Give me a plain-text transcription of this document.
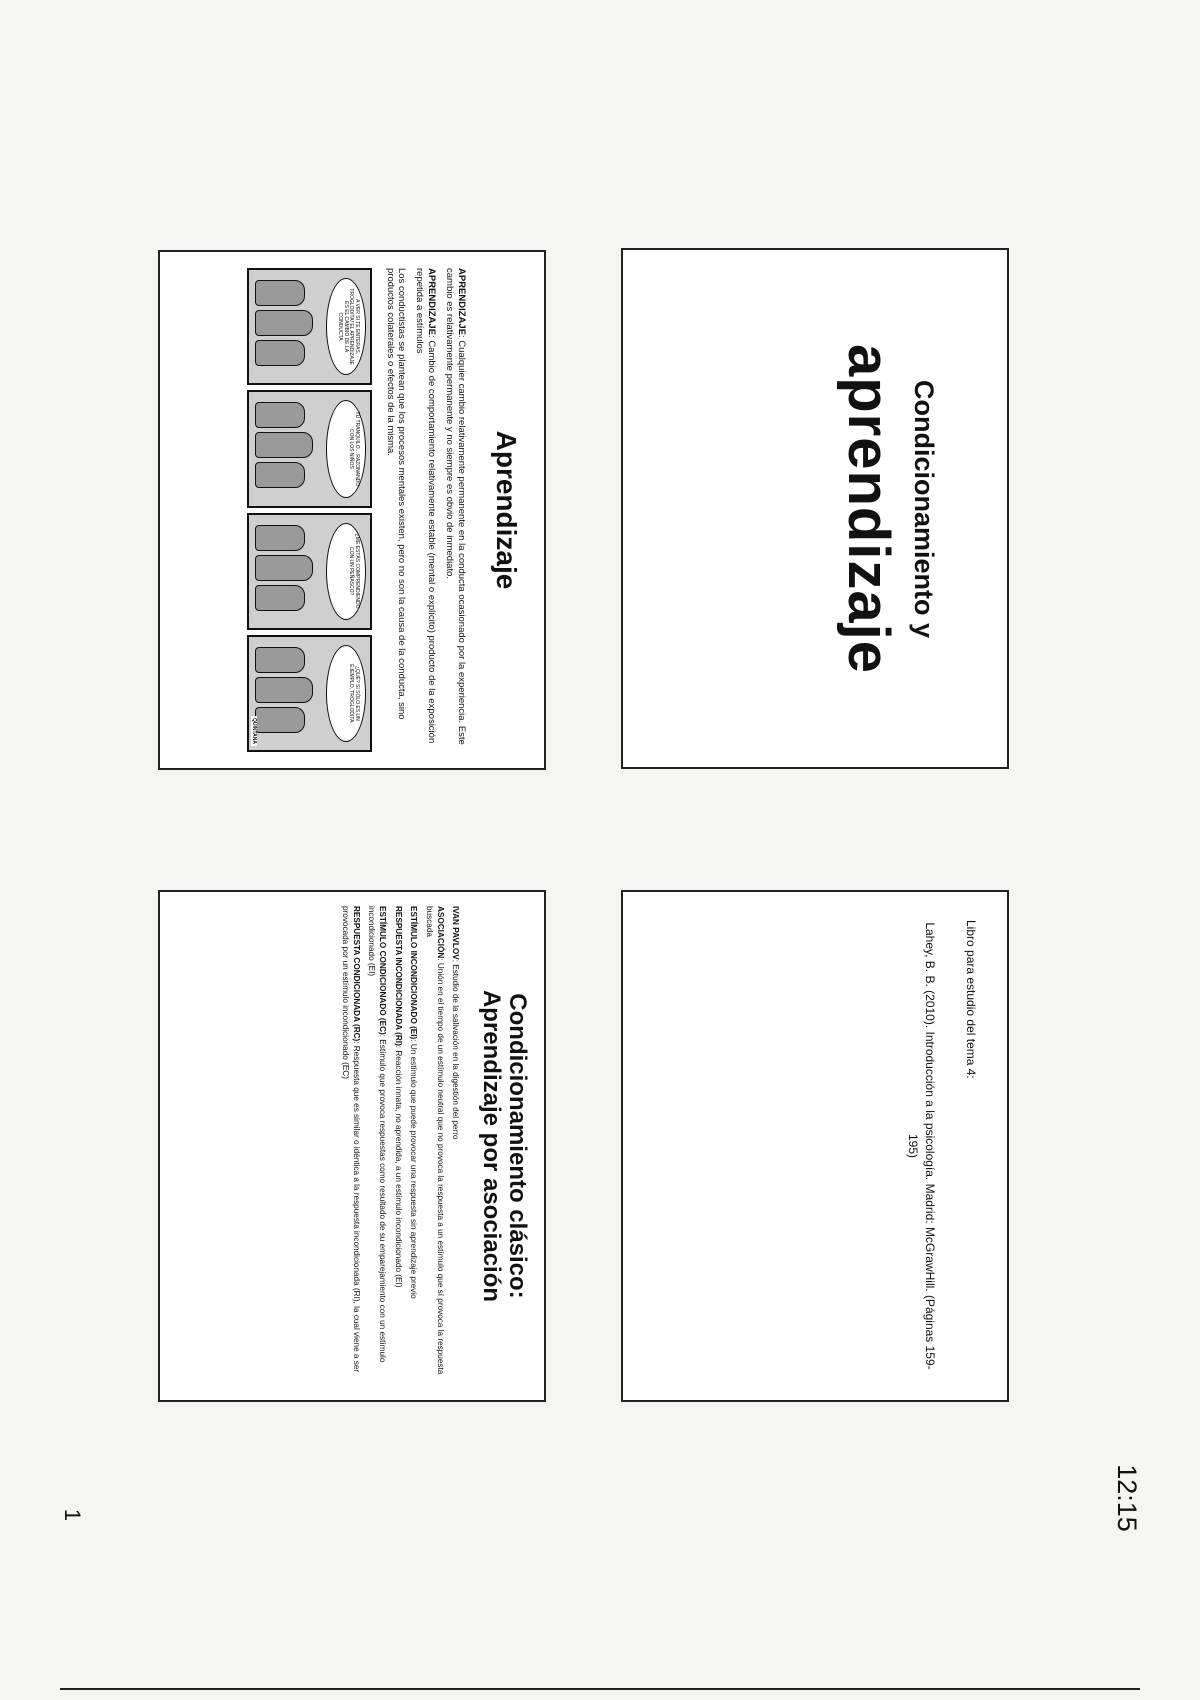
Condicionamiento y
aprendizaje
Aprendizaje

APRENDIZAJE: Cualquier cambio relativamente permanente en la conducta ocasionado por la experiencia. Este cambio es relativamente permanente y no siempre es obvio de inmediato.

APRENDIZAJE: Cambio de comportamiento relativamente estable (mental o explícito) producto de la exposición repetida a estímulos

Los conductistas se plantean que los procesos mentales existen, pero no son la causa de la conducta, sino productos colaterales o efectos de la misma.

A VER SI TE ENTERAS, TROGLODITA! EL APRENDIZAJE ES EL CAMBIO DE LA CONDUCTA
TÚ TRANQUILO... RAZONANDO CON LOS NIÑOS
¿ME ESTÁS COMPRENDIENDO CON UN PEÑASCO?
¿QUÉ? SI SÓLO ES UN EJEMPLO, TROGLODITA
QUINTANA
Libro para estudio del tema 4:
Lahey, B. B. (2010). Introducción a la psicología. Madrid: McGrawHill. (Páginas 159-195)
Condicionamiento clásico:
Aprendizaje por asociación

IVAN PAVLOV: Estudio de la salivación en la digestión del perro

ASOCIACIÓN: Unión en el tiempo de un estímulo neutral que no provoca la respuesta a un estímulo que sí provoca la respuesta buscada

ESTÍMULO INCONDICIONADO (EI): Un estímulo que puede provocar una respuesta sin aprendizaje previo

RESPUESTA INCONDICIONADA (RI): Reacción innata, no aprendida, a un estímulo incondicionado (EI)

ESTÍMULO CONDICIONADO (EC): Estímulo que provoca respuestas como resultado de su emparejamiento con un estímulo incondicionado (EI)

RESPUESTA CONDICIONADA (RC): Respuesta que es similar o idéntica a la respuesta incondicionada (RI), la cual viene a ser provocada por un estímulo incondicionado (EC)

12:15
1
